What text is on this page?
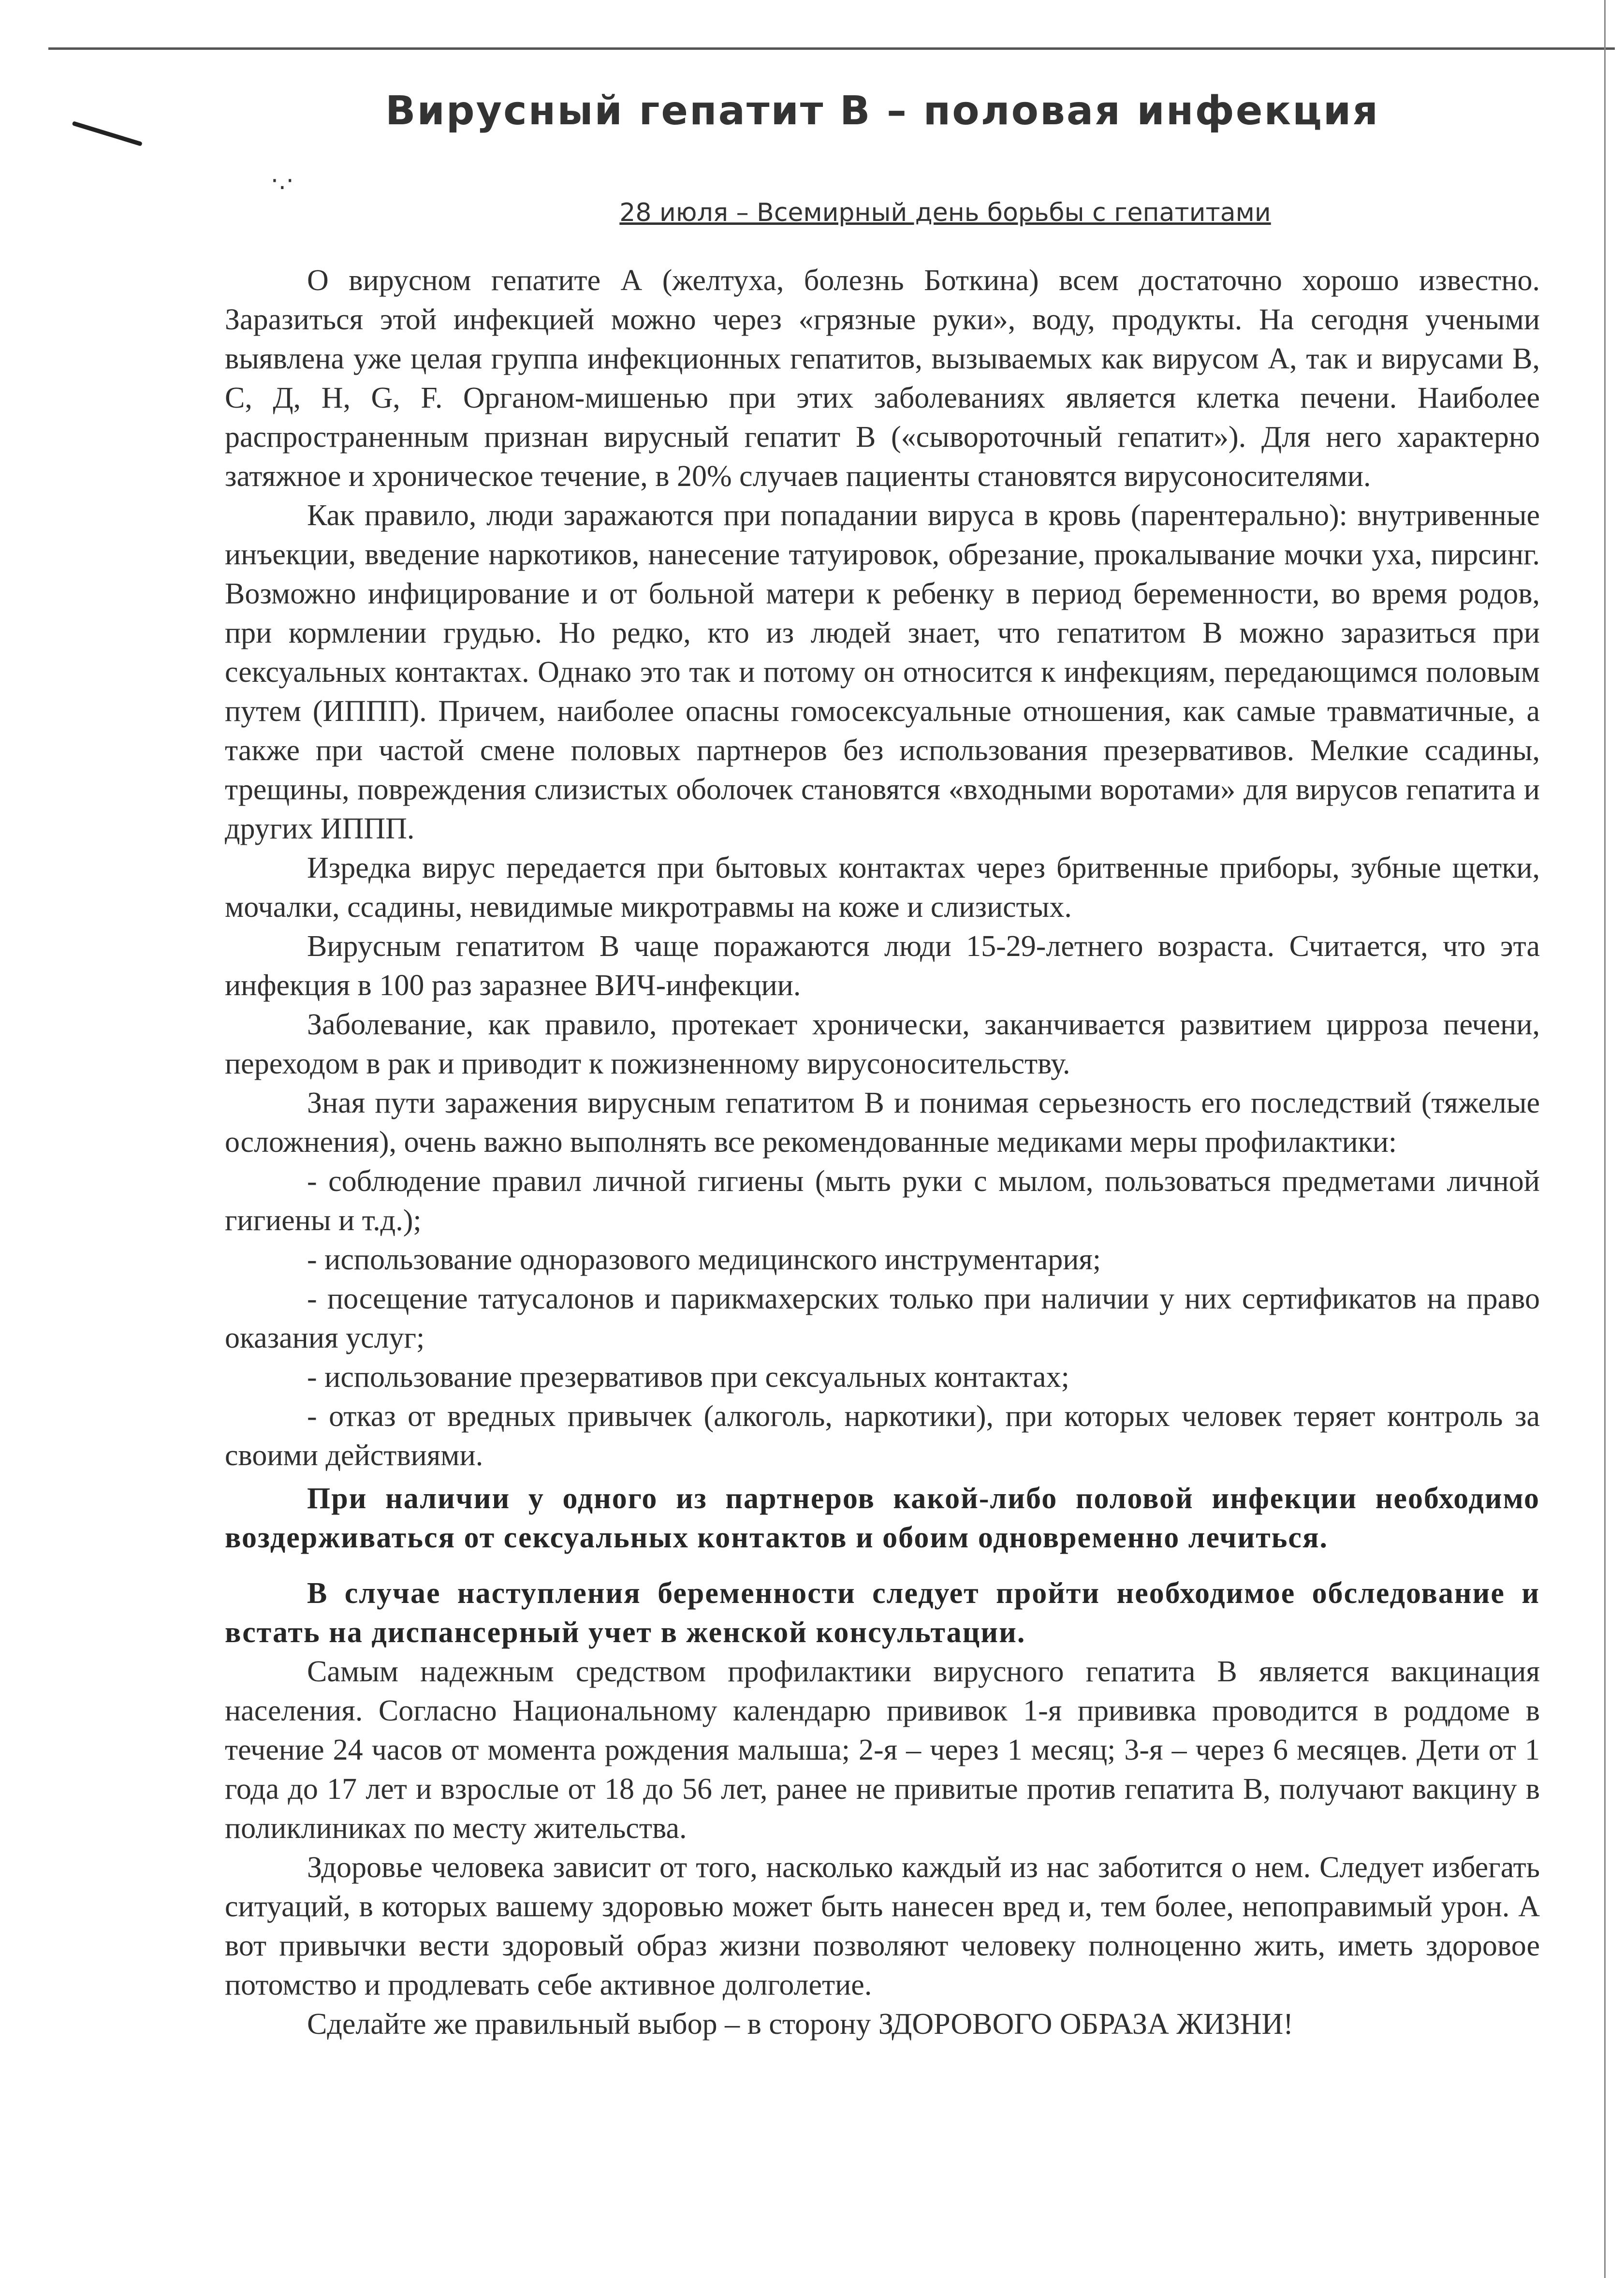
·.·
Вирусный гепатит В – половая инфекция
28 июля – Всемирный день борьбы с гепатитами

О вирусном гепатите А (желтуха, болезнь Боткина) всем достаточно хорошо известно. Заразиться этой инфекцией можно через «грязные руки», воду, продукты. На сегодня учеными выявлена уже целая группа инфекционных гепатитов, вызываемых как вирусом А, так и вирусами В, С, Д, Н, G, F. Органом-мишенью при этих заболеваниях является клетка печени. Наиболее распространенным признан вирусный гепатит В («сывороточный гепатит»). Для него характерно затяжное и хроническое течение, в 20% случаев пациенты становятся вирусоносителями.

Как правило, люди заражаются при попадании вируса в кровь (парентерально): внутривенные инъекции, введение наркотиков, нанесение татуировок, обрезание, прокалывание мочки уха, пирсинг. Возможно инфицирование и от больной матери к ребенку в период беременности, во время родов, при кормлении грудью. Но редко, кто из людей знает, что гепатитом В можно заразиться при сексуальных контактах. Однако это так и потому он относится к инфекциям, передающимся половым путем (ИППП). Причем, наиболее опасны гомосексуальные отношения, как самые травматичные, а также при частой смене половых партнеров без использования презервативов. Мелкие ссадины, трещины, повреждения слизистых оболочек становятся «входными воротами» для вирусов гепатита и других ИППП.

Изредка вирус передается при бытовых контактах через бритвенные приборы, зубные щетки, мочалки, ссадины, невидимые микротравмы на коже и слизистых.

Вирусным гепатитом В чаще поражаются люди 15-29-летнего возраста. Считается, что эта инфекция в 100 раз заразнее ВИЧ-инфекции.

Заболевание, как правило, протекает хронически, заканчивается развитием цирроза печени, переходом в рак и приводит к пожизненному вирусоносительству.

Зная пути заражения вирусным гепатитом В и понимая серьезность его последствий (тяжелые осложнения), очень важно выполнять все рекомендованные медиками меры профилактики:

- соблюдение правил личной гигиены (мыть руки с мылом, пользоваться предметами личной гигиены и т.д.);
- использование одноразового медицинского инструментария;
- посещение татусалонов и парикмахерских только при наличии у них сертификатов на право оказания услуг;
- использование презервативов при сексуальных контактах;
- отказ от вредных привычек (алкоголь, наркотики), при которых человек теряет контроль за своими действиями.

При наличии у одного из партнеров какой-либо половой инфекции необходимо воздерживаться от сексуальных контактов и обоим одновременно лечиться.

В случае наступления беременности следует пройти необходимое обследование и встать на диспансерный учет в женской консультации.

Самым надежным средством профилактики вирусного гепатита В является вакцинация населения. Согласно Национальному календарю прививок 1-я прививка проводится в роддоме в течение 24 часов от момента рождения малыша; 2-я – через 1 месяц; 3-я – через 6 месяцев. Дети от 1 года до 17 лет и взрослые от 18 до 56 лет, ранее не привитые против гепатита В, получают вакцину в поликлиниках по месту жительства.

Здоровье человека зависит от того, насколько каждый из нас заботится о нем. Следует избегать ситуаций, в которых вашему здоровью может быть нанесен вред и, тем более, непоправимый урон. А вот привычки вести здоровый образ жизни позволяют человеку полноценно жить, иметь здоровое потомство и продлевать себе активное долголетие.

Сделайте же правильный выбор – в сторону ЗДОРОВОГО ОБРАЗА ЖИЗНИ!
